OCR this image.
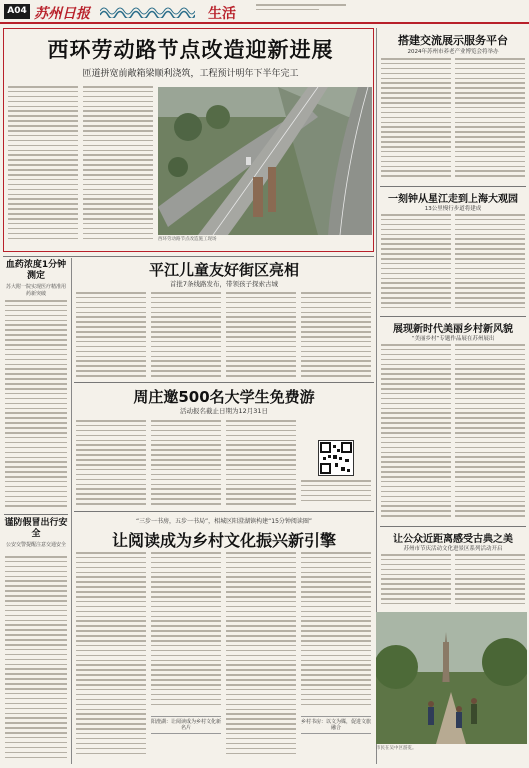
A04 苏州日报	生活
西环劳动路节点改造迎新进展
匝道拼宽前敞箱梁顺利浇筑，工程预计明年下半年完工
西环劳动路节点改造施工现场
搭建交流展示服务平台
2024年苏州市养老产业博览会将举办
一刻钟从星江走到上海大观园
13公里慢行步道将建成
展现新时代美丽乡村新风貌
“美丽乡村”专题作品展在苏州展出
让公众近距离感受古典之美
苏州市节庆活动文化进景区系列活动开启
市民在吴中区游览。
血药浓度1分钟测定
苏大附一院实现医疗精准用药新突破
谨防假冒出行安全
公安交警提醒注意交通安全
平江儿童友好街区亮相
首批7条线路发布，带领孩子探索古城
周庄邀500名大学生免费游
活动报名截止日期为12月31日
“三步一书房，五步一书局”，相城区阳澄湖镇构建“15分钟阅读圈”
让阅读成为乡村文化振兴新引擎
阳澄湖：让阅读成为乡村文化新名片
乡村书房：以文为媒，促进文旅融合
